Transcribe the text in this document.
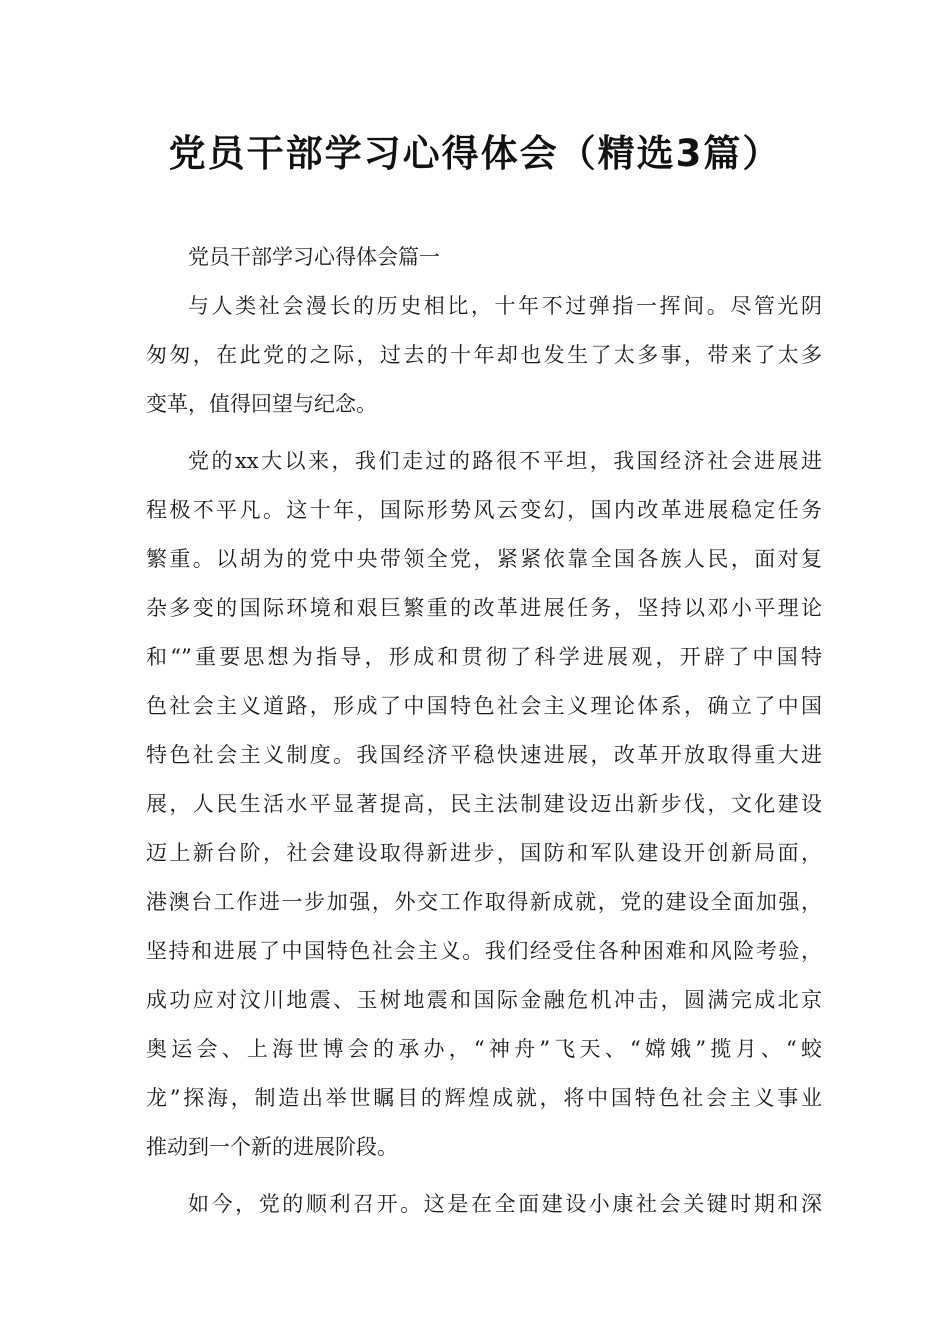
党员干部学习心得体会（精选3篇）
党员干部学习心得体会篇一
与人类社会漫长的历史相比，十年不过弹指一挥间。尽管光阴
匆匆，在此党的之际，过去的十年却也发生了太多事，带来了太多
变革，值得回望与纪念。
党的xx大以来，我们走过的路很不平坦，我国经济社会进展进
程极不平凡。这十年，国际形势风云变幻，国内改革进展稳定任务
繁重。以胡为的党中央带领全党，紧紧依靠全国各族人民，面对复
杂多变的国际环境和艰巨繁重的改革进展任务，坚持以邓小平理论
和“”重要思想为指导，形成和贯彻了科学进展观，开辟了中国特
色社会主义道路，形成了中国特色社会主义理论体系，确立了中国
特色社会主义制度。我国经济平稳快速进展，改革开放取得重大进
展，人民生活水平显著提高，民主法制建设迈出新步伐，文化建设
迈上新台阶，社会建设取得新进步，国防和军队建设开创新局面，
港澳台工作进一步加强，外交工作取得新成就，党的建设全面加强，
坚持和进展了中国特色社会主义。我们经受住各种困难和风险考验，
成功应对汶川地震、玉树地震和国际金融危机冲击，圆满完成北京
奥运会、上海世博会的承办，“神舟”飞天、“嫦娥”揽月、“蛟
龙”探海，制造出举世瞩目的辉煌成就，将中国特色社会主义事业
推动到一个新的进展阶段。
如今，党的顺利召开。这是在全面建设小康社会关键时期和深
